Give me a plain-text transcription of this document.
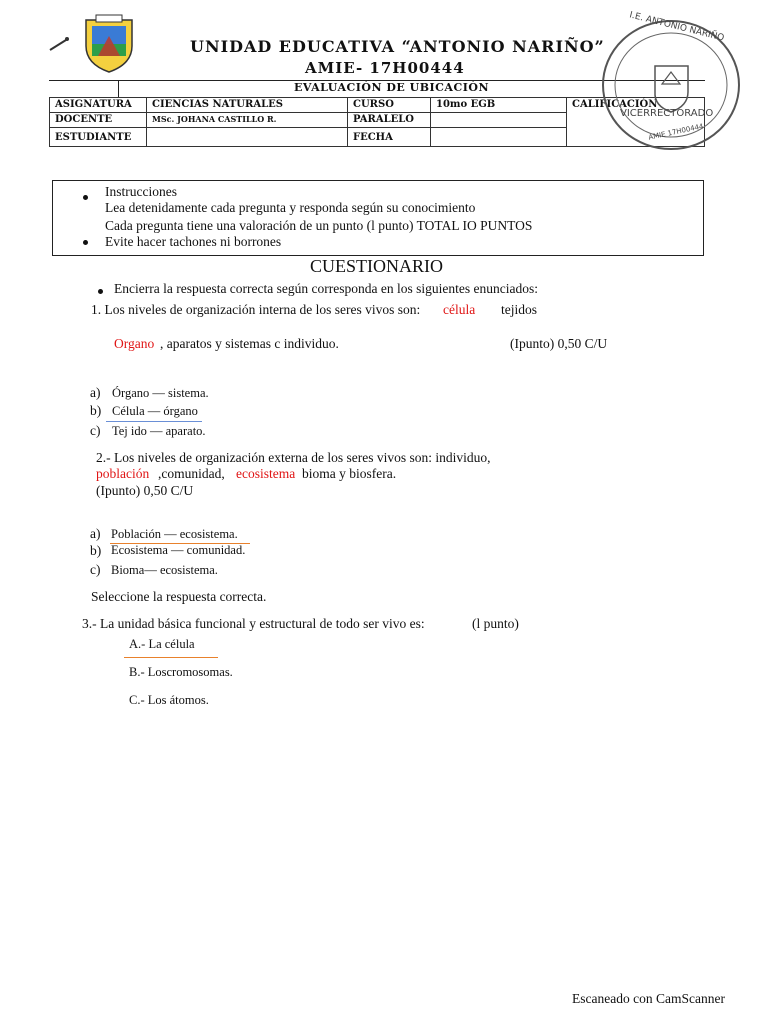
UNIDAD EDUCATIVA “ANTONIO NARIÑO”
AMIE- 17H00444
EVALUACIÓN DE UBICACIÓN
ASIGNATURA	CIENCIAS NATURALES	CURSO	10mo EGB	CALIFICACIÓN
DOCENTE	MSc. JOHANA CASTILLO R.	PARALELO		
ESTUDIANTE		FECHA		
I.E. ANTONIO NARIÑO
VICERRECTORADO
AMIE 17H00444
Instrucciones
Lea detenidamente cada pregunta y responda según su conocimiento
Cada pregunta tiene una valoración de un punto (l punto) TOTAL IO PUNTOS
Evite hacer tachones ni borrones
CUESTIONARIO
Encierra la respuesta correcta según corresponda en los siguientes enunciados:
1. Los niveles de organización interna de los seres vivos son: célula tejidos
Organo , aparatos y sistemas c individuo.	(Ipunto) 0,50 C/U
a) Órgano — sistema.
b) Célula — órgano
c) Tej ido — aparato.
2.- Los niveles de organización externa de los seres vivos son: individuo,
población ,comunidad, ecosistema bioma y biosfera.
(Ipunto) 0,50 C/U
a) Población — ecosistema.
b) Ecosistema — comunidad.
c) Bioma— ecosistema.
Seleccione la respuesta correcta.
3.- La unidad básica funcional y estructural de todo ser vivo es:	(l punto)
A.- La célula
B.- Loscromosomas.
C.- Los átomos.
Escaneado con CamScanner
